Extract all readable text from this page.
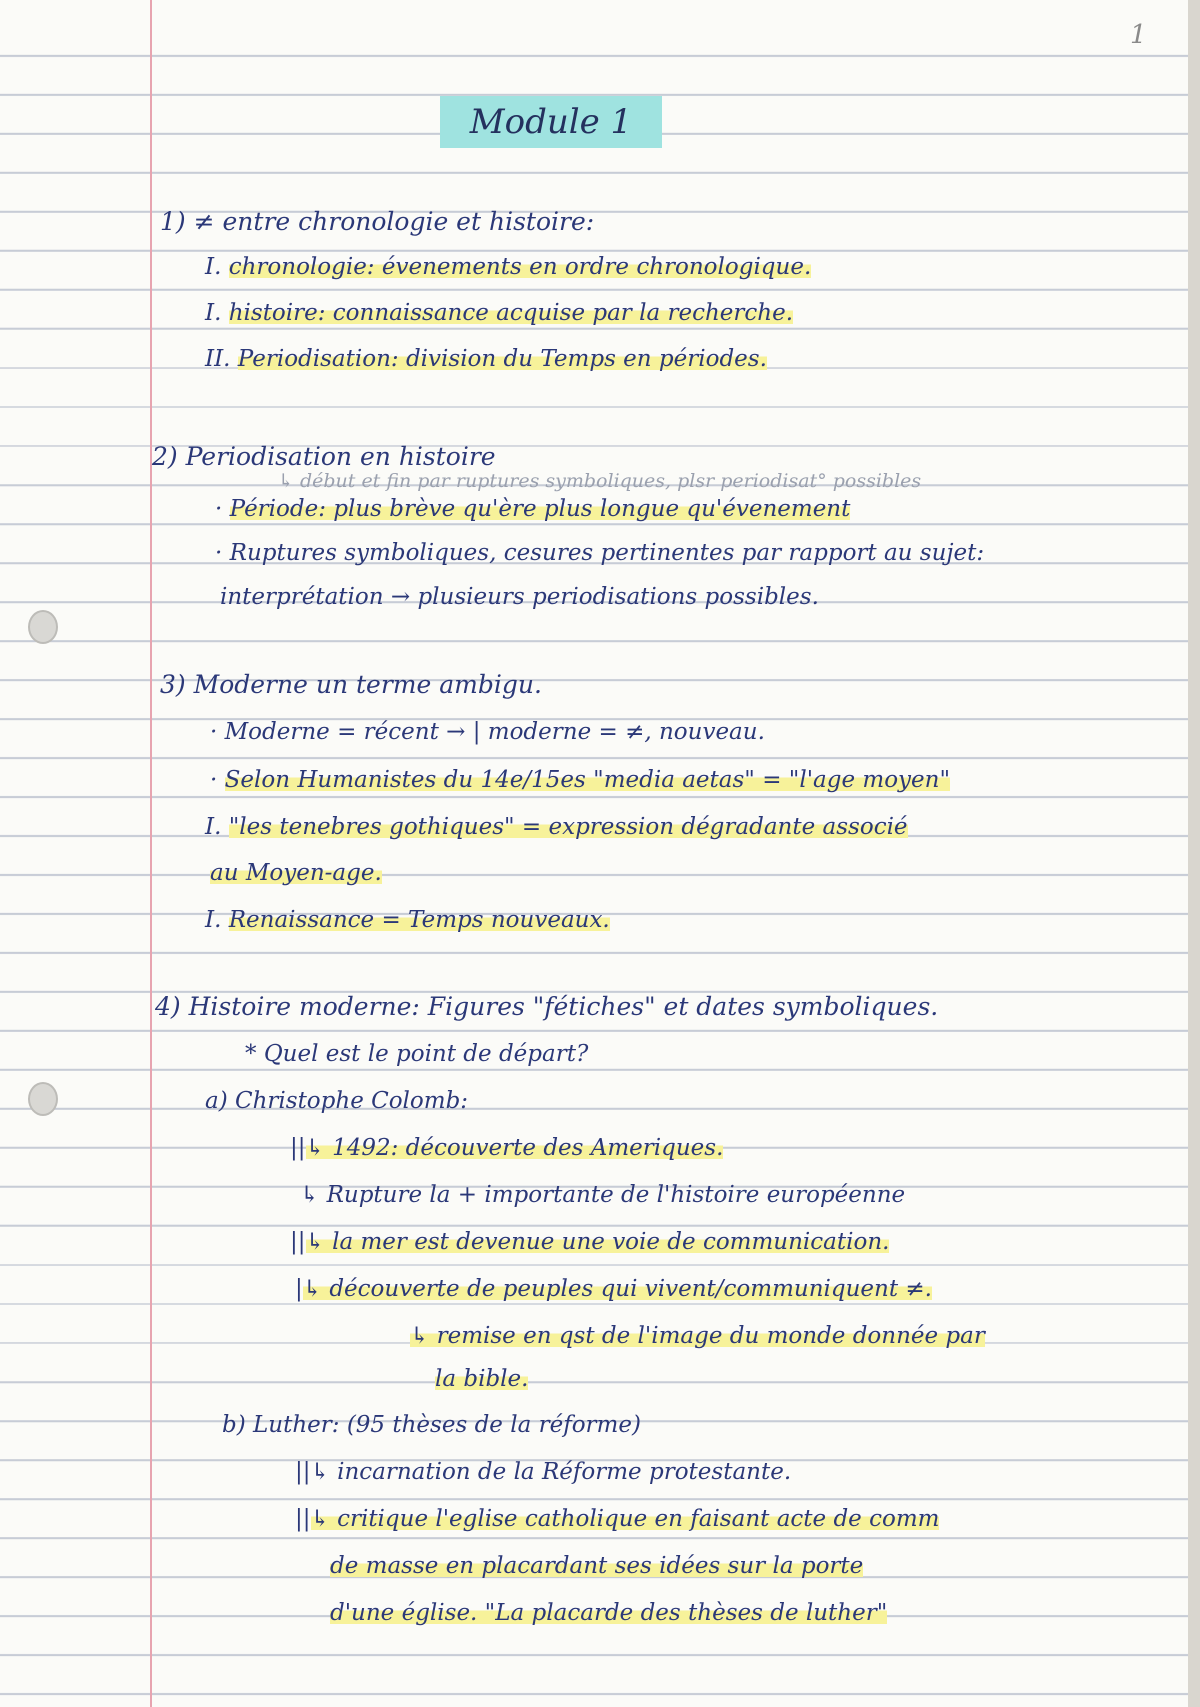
1
Module 1
1) ≠ entre chronologie et histoire:
I. chronologie: évenements en ordre chronologique.
I. histoire: connaissance acquise par la recherche.
II. Periodisation: division du Temps en périodes.
2) Periodisation en histoire
↳ début et fin par ruptures symboliques, plsr periodisat° possibles
· Période: plus brève qu'ère plus longue qu'évenement
· Ruptures symboliques, cesures pertinentes par rapport au sujet:
interprétation → plusieurs periodisations possibles.
3) Moderne un terme ambigu.
· Moderne = récent → | moderne = ≠, nouveau.
· Selon Humanistes du 14e/15es "media aetas" = "l'age moyen"
I. "les tenebres gothiques" = expression dégradante associé
au Moyen-age.
I. Renaissance = Temps nouveaux.
4) Histoire moderne: Figures "fétiches" et dates symboliques.
* Quel est le point de départ?
a) Christophe Colomb:
||↳ 1492: découverte des Ameriques.
↳ Rupture la + importante de l'histoire européenne
||↳ la mer est devenue une voie de communication.
|↳ découverte de peuples qui vivent/communiquent ≠.
↳ remise en qst de l'image du monde donnée par
la bible.
b) Luther: (95 thèses de la réforme)
||↳ incarnation de la Réforme protestante.
||↳ critique l'eglise catholique en faisant acte de comm
de masse en placardant ses idées sur la porte
d'une église. "La placarde des thèses de luther"
